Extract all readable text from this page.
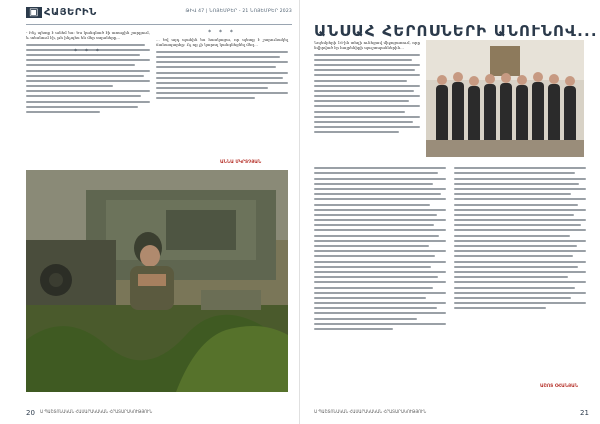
▣ ՀԱՅԵՐԻՆ	ԹԻՎ 47 | ՆՈՅԵՄԲԵՐ - 21 ՆՈՅԵՄԲԵՐ 2023
- Ինչ պետք է անեմ ես։ Ես կանգնած էի առաջին շարքում, և տեսնում էի, թե ինչպես են մեր տղաները...
* * *
... Եվ այդ պահին ես հասկացա, որ պետք է շարունակել ճանապարհը։ Ոչ ոք չի կարող կանգնեցնել մեզ...
* * *
ԱՆՆԱ ՄԿՐՏՉՅԱՆ
Ա ՊԱՇՏՈՆԱԿԱՆ ՀԱՍԱՐԱԿԱԿԱՆ ՀՐԱՏԱՐԱԿՈՒԹՅՈՒՆ
20
ԱՆՍԱՀ ՀԵՐՈՍՆԵՐԻ ԱՆՈՒՆՈՎ...
Նոյեմբերի 16-ին տեղի ունեցավ միջոցառում, որը նվիրված էր հայրենիքի պաշտպաններին...
ԱՇՈՏ ՕՀԱՆՅԱՆ
Ա ՊԱՇՏՈՆԱԿԱՆ ՀԱՍԱՐԱԿԱԿԱՆ ՀՐԱՏԱՐԱԿՈՒԹՅՈՒՆ	21
